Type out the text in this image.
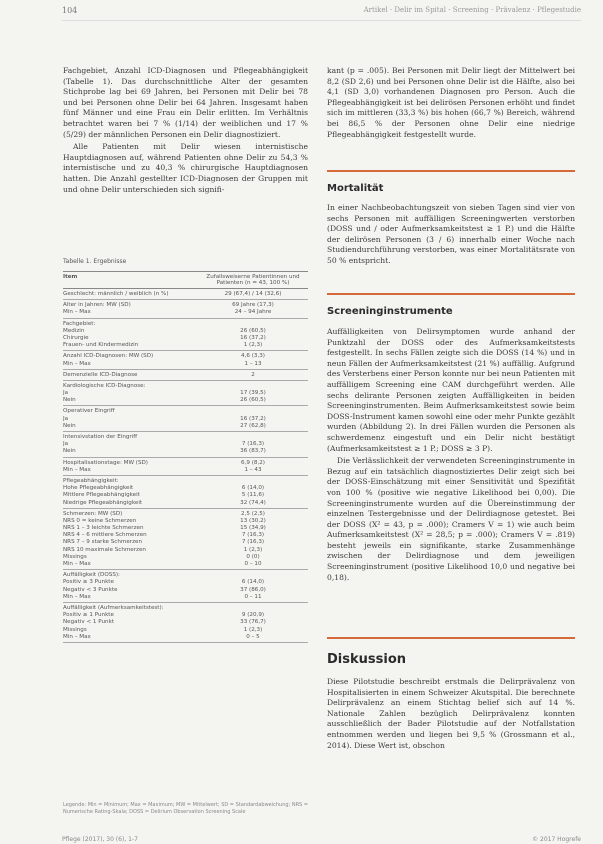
104	Artikel · Delir im Spital · Screening · Prävalenz · Pflegestudie

Fachgebiet, Anzahl ICD-Diagnosen und Pflegeabhängigkeit (Tabelle 1). Das durchschnittliche Alter der gesamten Stichprobe lag bei 69 Jahren, bei Personen mit Delir bei 78 und bei Personen ohne Delir bei 64 Jahren. Insgesamt haben fünf Männer und eine Frau ein Delir erlitten. Im Verhältnis betrachtet waren bei 7 % (1/14) der weiblichen und 17 % (5/29) der männlichen Personen ein Delir diagnostiziert.

Alle Patienten mit Delir wiesen internistische Hauptdiagnosen auf, während Patienten ohne Delir zu 54,3 % internistische und zu 40,3 % chirurgische Hauptdiagnosen hatten. Die Anzahl gestellter ICD-Diagnosen der Gruppen mit und ohne Delir unterschieden sich signifi-

Tabelle 1. Ergebnisse
Item	Zufallsweiserne Patientinnen und Patienten (n = 43, 100 %)
Geschlecht: männlich / weiblich (n %)	29 (67,4) / 14 (32,6)
Alter in Jahren: MW (SD)	69 Jahre (17,3)
Min – Max	24 – 94 Jahre
Fachgebiet:
Medizin	26 (60,5)
Chirurgie	16 (37,2)
Frauen- und Kindermedizin	1 (2,3)
Anzahl ICD-Diagnosen: MW (SD)	4,6 (3,3)
Min – Max	1 – 13
Demenzielle ICD-Diagnose	2
Kardiologische ICD-Diagnose:
Ja	17 (39,5)
Nein	26 (60,5)
Operativer Eingriff
Ja	16 (37,2)
Nein	27 (62,8)
Intensivstation der Eingriff
Ja	7 (16,3)
Nein	36 (83,7)
Hospitalisationstage: MW (SD)	6,9 (8,2)
Min – Max	1 – 43
Pflegeabhängigkeit:
Hohe Pflegeabhängigkeit	6 (14,0)
Mittlere Pflegeabhängigkeit	5 (11,6)
Niedrige Pflegeabhängigkeit	32 (74,4)
Schmerzen: MW (SD)	2,5 (2,5)
NRS 0 = keine Schmerzen	13 (30,2)
NRS 1 – 3 leichte Schmerzen	15 (34,9)
NRS 4 – 6 mittlere Schmerzen	7 (16,3)
NRS 7 – 9 starke Schmerzen	7 (16,3)
NRS 10 maximale Schmerzen	1 (2,3)
Missings	0 (0)
Min – Max	0 – 10
Auffälligkeit (DOSS):
Positiv ≥ 3 Punkte	6 (14,0)
Negativ < 3 Punkte	37 (86,0)
Min – Max	0 – 11
Auffälligkeit (Aufmerksamkeitstest):
Positiv ≥ 1 Punkte	9 (20,9)
Negativ < 1 Punkt	33 (76,7)
Missings	1 (2,3)
Min – Max	0 – 5
Legende: Min = Minimum; Max = Maximum; MW = Mittelwert; SD = Standardabweichung; NRS = Numerische Rating-Skala; DOSS = Delirium Observation Screening Scale

kant (p = .005). Bei Personen mit Delir liegt der Mittelwert bei 8,2 (SD 2,6) und bei Personen ohne Delir ist die Hälfte, also bei 4,1 (SD 3,0) vorhandenen Diagnosen pro Person. Auch die Pflegeabhängigkeit ist bei delirösen Personen erhöht und findet sich im mittleren (33,3 %) bis hohen (66,7 %) Bereich, während bei 86,5 % der Personen ohne Delir eine niedrige Pflegeabhängigkeit festgestellt wurde.

Mortalität

In einer Nachbeobachtungszeit von sieben Tagen sind vier von sechs Personen mit auffälligen Screeningwerten verstorben (DOSS und / oder Aufmerksamkeitstest ≥ 1 P.) und die Hälfte der delirösen Personen (3 / 6) innerhalb einer Woche nach Studiendurchführung verstorben, was einer Mortalitätsrate von 50 % entspricht.

Screeninginstrumente

Auffälligkeiten von Delirsymptomen wurde anhand der Punktzahl der DOSS oder des Aufmerksamkeitstests festgestellt. In sechs Fällen zeigte sich die DOSS (14 %) und in neun Fällen der Aufmerksamkeitstest (21 %) auffällig. Aufgrund des Versterbens einer Person konnte nur bei neun Patienten mit auffälligem Screening eine CAM durchgeführt werden. Alle sechs delirante Personen zeigten Auffälligkeiten in beiden Screeninginstrumenten. Beim Aufmerksamkeitstest sowie beim DOSS-Instrument kamen sowohl eine oder mehr Punkte gezählt wurden (Abbildung 2). In drei Fällen wurden die Personen als schwerdemenz eingestuft und ein Delir nicht bestätigt (Aufmerksamkeitstest ≥ 1 P.; DOSS ≥ 3 P).

Die Verlässlichkeit der verwendeten Screeninginstrumente in Bezug auf ein tatsächlich diagnostiziertes Delir zeigt sich bei der DOSS-Einschätzung mit einer Sensitivität und Spezifität von 100 % (positive wie negative Likelihood bei 0,00). Die Screeninginstrumente wurden auf die Übereinstimmung der einzelnen Testergebnisse und der Delirdiagnose getestet. Bei der DOSS (X² = 43, p = .000); Cramers V = 1) wie auch beim Aufmerksamkeitstest (X² = 28,5; p = .000); Cramers V = .819) besteht jeweils ein signifikante, starke Zusammenhänge zwischen der Delirdiagnose und dem jeweiligen Screeninginstrument (positive Likelihood 10,0 und negative bei 0,18).

Diskussion

Diese Pilotstudie beschreibt erstmals die Delirprävalenz von Hospitalisierten in einem Schweizer Akutspital. Die berechnete Delirprävalenz an einem Stichtag belief sich auf 14 %. Nationale Zahlen bezüglich Delirprävalenz konnten ausschließlich der Bader Pilotstudie auf der Notfallstation entnommen werden und liegen bei 9,5 % (Grossmann et al., 2014). Diese Wert ist, obschon

Pflege (2017), 30 (6), 1-7	© 2017 Hogrefe
